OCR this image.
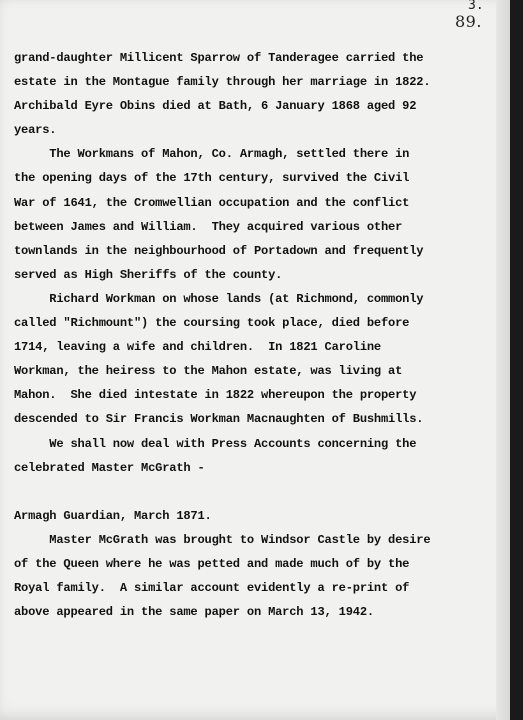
3.
89.
grand-daughter Millicent Sparrow of Tanderagee carried the
estate in the Montague family through her marriage in 1822.
Archibald Eyre Obins died at Bath, 6 January 1868 aged 92
years.
The Workmans of Mahon, Co. Armagh, settled there in
the opening days of the 17th century, survived the Civil
War of 1641, the Cromwellian occupation and the conflict
between James and William.  They acquired various other
townlands in the neighbourhood of Portadown and frequently
served as High Sheriffs of the county.
Richard Workman on whose lands (at Richmond, commonly
called "Richmount") the coursing took place, died before
1714, leaving a wife and children.  In 1821 Caroline
Workman, the heiress to the Mahon estate, was living at
Mahon.  She died intestate in 1822 whereupon the property
descended to Sir Francis Workman Macnaughten of Bushmills.
We shall now deal with Press Accounts concerning the
celebrated Master McGrath -
Armagh Guardian, March 1871.
Master McGrath was brought to Windsor Castle by desire
of the Queen where he was petted and made much of by the
Royal family.  A similar account evidently a re-print of
above appeared in the same paper on March 13, 1942.
